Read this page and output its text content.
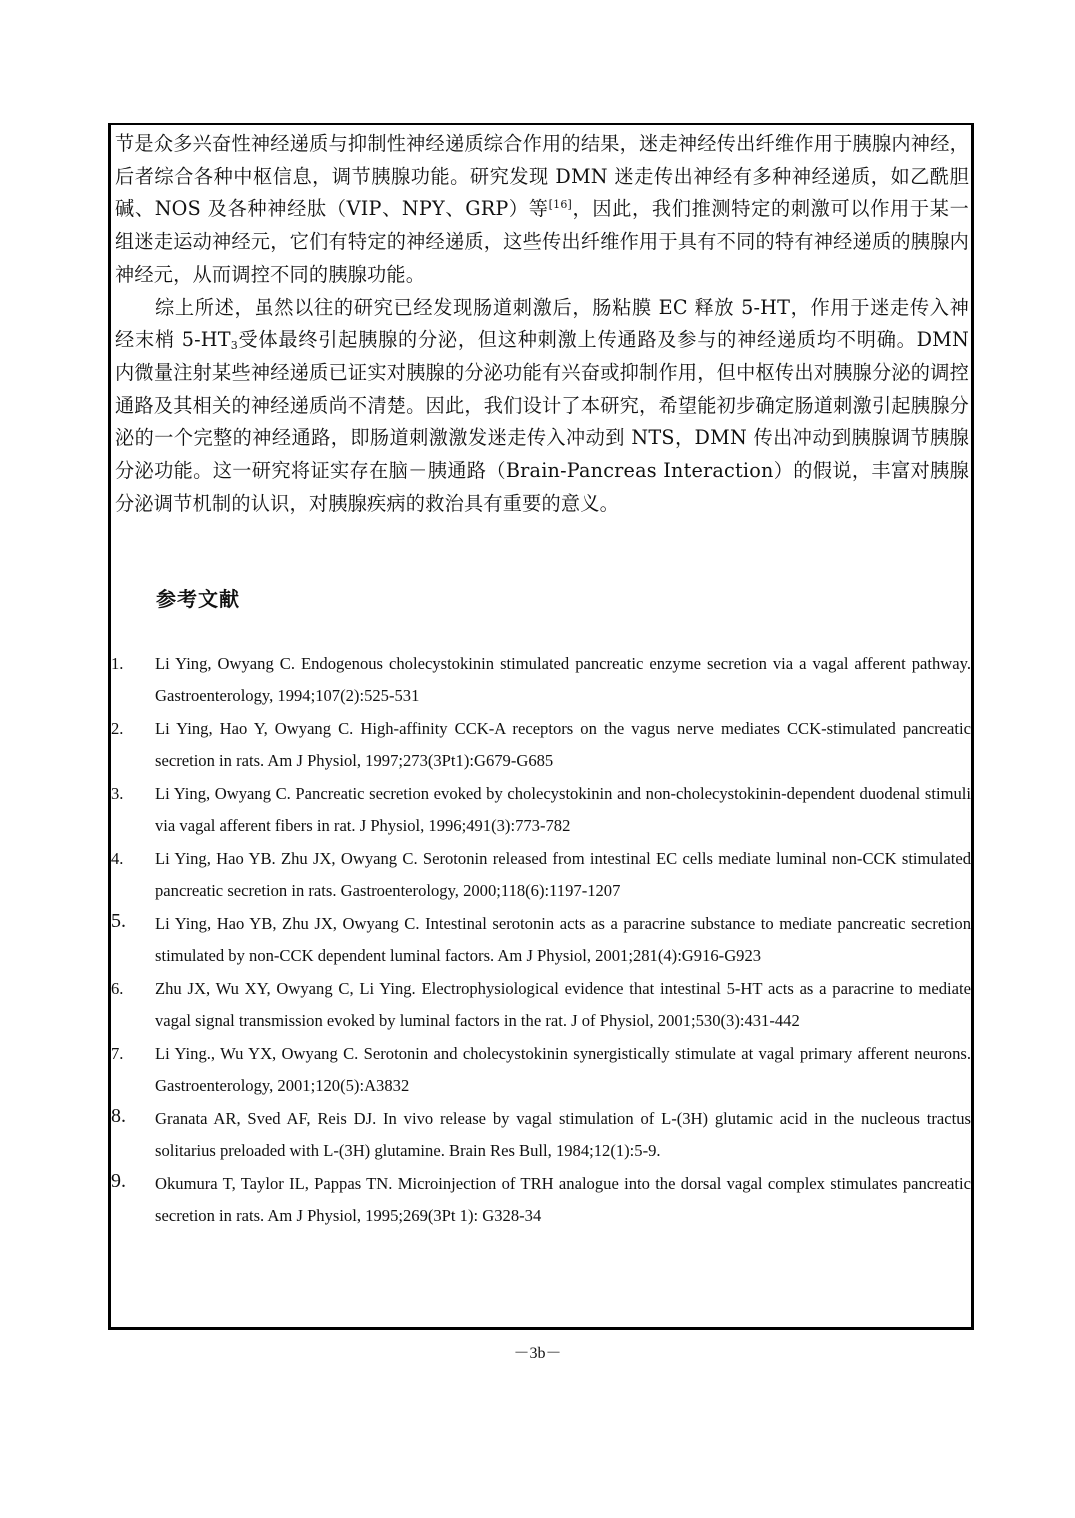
节是众多兴奋性神经递质与抑制性神经递质综合作用的结果，迷走神经传出纤维作用于胰腺内神经，后者综合各种中枢信息，调节胰腺功能。研究发现 DMN 迷走传出神经有多种神经递质，如乙酰胆碱、NOS 及各种神经肽（VIP、NPY、GRP）等[16]，因此，我们推测特定的刺激可以作用于某一组迷走运动神经元，它们有特定的神经递质，这些传出纤维作用于具有不同的特有神经递质的胰腺内神经元，从而调控不同的胰腺功能。

综上所述，虽然以往的研究已经发现肠道刺激后，肠粘膜 EC 释放 5-HT，作用于迷走传入神经末梢 $5-HT_3$受体最终引起胰腺的分泌，但这种刺激上传通路及参与的神经递质均不明确。DMN 内微量注射某些神经递质已证实对胰腺的分泌功能有兴奋或抑制作用，但中枢传出对胰腺分泌的调控通路及其相关的神经递质尚不清楚。因此，我们设计了本研究，希望能初步确定肠道刺激引起胰腺分泌的一个完整的神经通路，即肠道刺激激发迷走传入冲动到 NTS，DMN 传出冲动到胰腺调节胰腺分泌功能。这一研究将证实存在脑－胰通路（Brain-Pancreas Interaction）的假说，丰富对胰腺分泌调节机制的认识，对胰腺疾病的救治具有重要的意义。

参考文献
1. Li Ying, Owyang C. Endogenous cholecystokinin stimulated pancreatic enzyme secretion via a vagal afferent pathway. Gastroenterology, 1994;107(2):525-531
2. Li Ying, Hao Y, Owyang C. High-affinity CCK-A receptors on the vagus nerve mediates CCK-stimulated pancreatic secretion in rats. Am J Physiol, 1997;273(3Pt1):G679-G685
3. Li Ying, Owyang C. Pancreatic secretion evoked by cholecystokinin and non-cholecystokinin-dependent duodenal stimuli via vagal afferent fibers in rat. J Physiol, 1996;491(3):773-782
4. Li Ying, Hao YB. Zhu JX, Owyang C. Serotonin released from intestinal EC cells mediate luminal non-CCK stimulated pancreatic secretion in rats. Gastroenterology, 2000;118(6):1197-1207
5. Li Ying, Hao YB, Zhu JX, Owyang C. Intestinal serotonin acts as a paracrine substance to mediate pancreatic secretion stimulated by non-CCK dependent luminal factors. Am J Physiol, 2001;281(4):G916-G923
6. Zhu JX, Wu XY, Owyang C, Li Ying. Electrophysiological evidence that intestinal 5-HT acts as a paracrine to mediate vagal signal transmission evoked by luminal factors in the rat. J of Physiol, 2001;530(3):431-442
7. Li Ying., Wu YX, Owyang C. Serotonin and cholecystokinin synergistically stimulate at vagal primary afferent neurons. Gastroenterology, 2001;120(5):A3832
8. Granata AR, Sved AF, Reis DJ. In vivo release by vagal stimulation of L-(3H) glutamic acid in the nucleous tractus solitarius preloaded with L-(3H) glutamine. Brain Res Bull, 1984;12(1):5-9.
9. Okumura T, Taylor IL, Pappas TN. Microinjection of TRH analogue into the dorsal vagal complex stimulates pancreatic secretion in rats. Am J Physiol, 1995;269(3Pt 1): G328-34

－3b－
